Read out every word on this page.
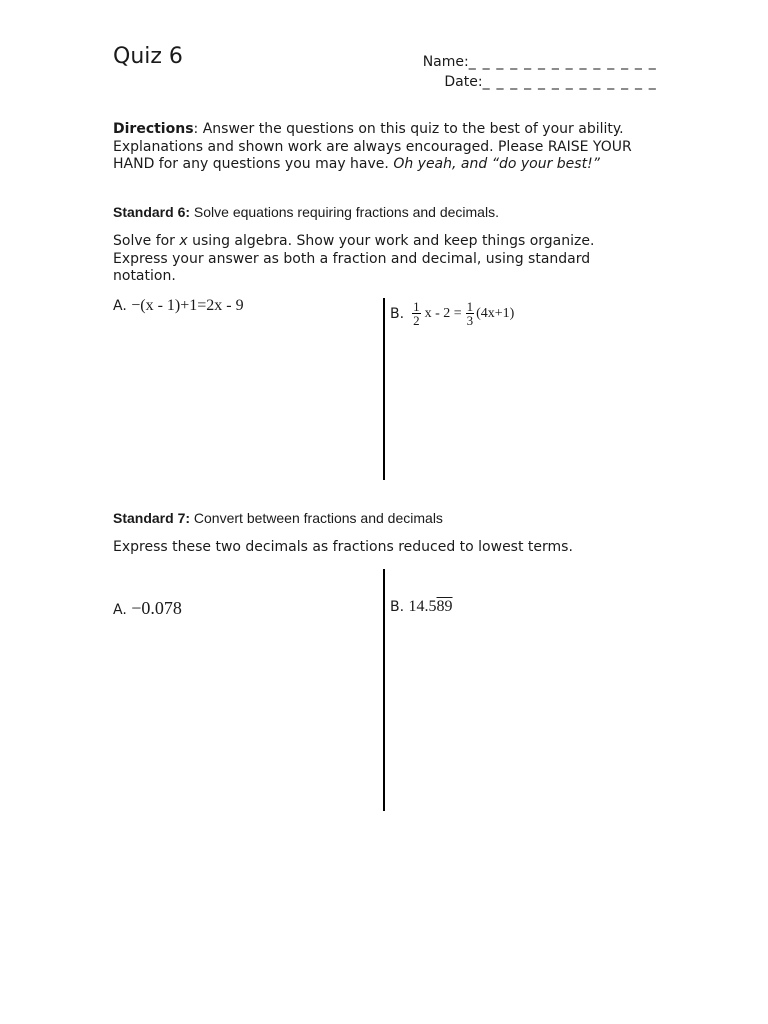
Quiz 6	Name:_ _ _ _ _ _ _ _ _ _ _ _ _ _
Date:_ _ _ _ _ _ _ _ _ _ _ _ _
Directions: Answer the questions on this quiz to the best of your ability. Explanations and shown work are always encouraged. Please RAISE YOUR HAND for any questions you may have. Oh yeah, and “do your best!”
Standard 6: Solve equations requiring fractions and decimals.
Solve for x using algebra. Show your work and keep things organize. Express your answer as both a fraction and decimal, using standard notation.
A. −(x - 1)+1=2x - 9	B. $\frac{1}{2}$ $x - 2 = \frac{1}{3} (4x+1)$
Standard 7: Convert between fractions and decimals
Express these two decimals as fractions reduced to lowest terms.
A. −0.078	B. 14.589
